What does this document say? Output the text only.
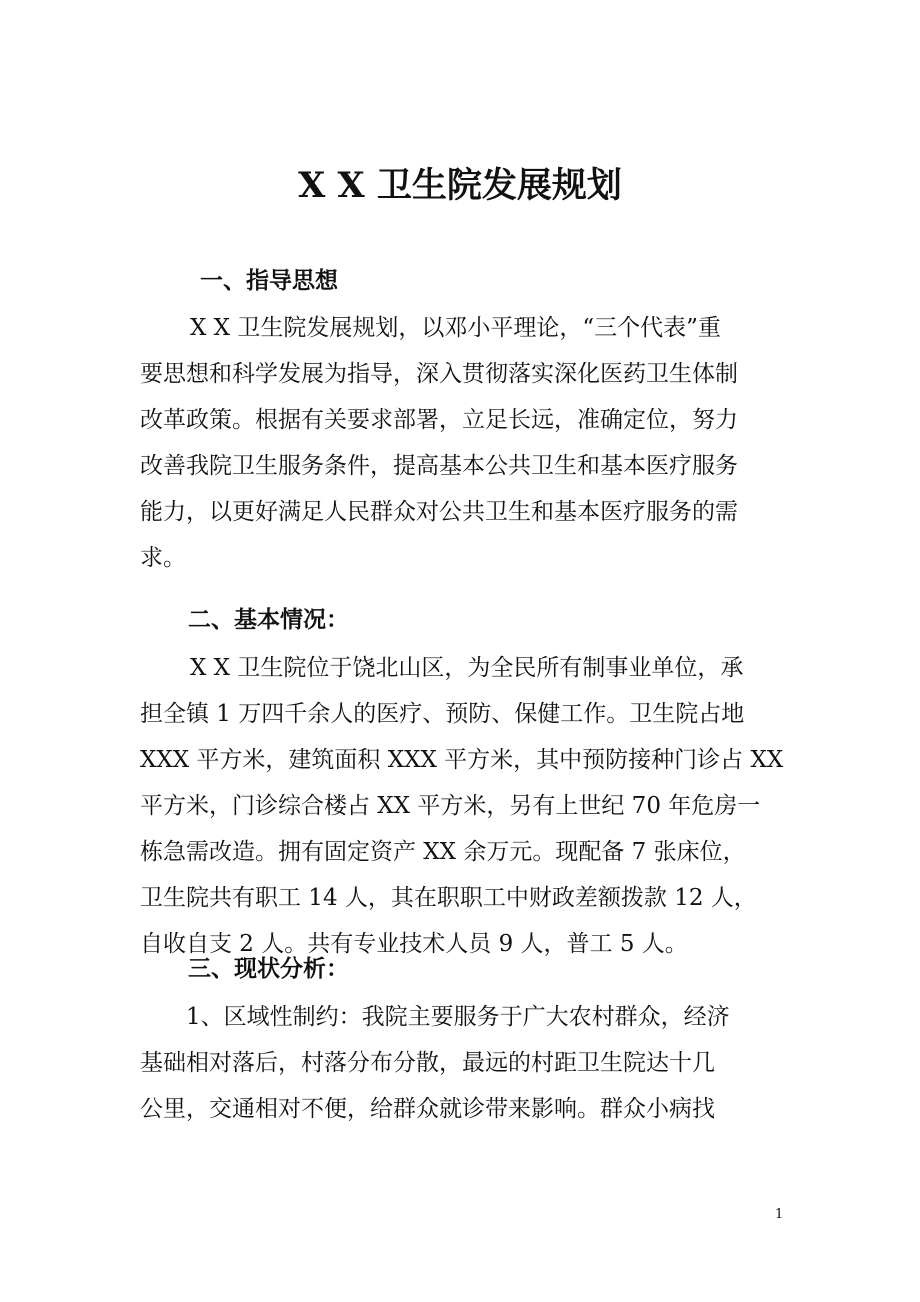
X X 卫生院发展规划
一、指导思想
X X 卫生院发展规划，以邓小平理论，“三个代表”重
要思想和科学发展为指导，深入贯彻落实深化医药卫生体制
改革政策。根据有关要求部署，立足长远，准确定位，努力
改善我院卫生服务条件，提高基本公共卫生和基本医疗服务
能力，以更好满足人民群众对公共卫生和基本医疗服务的需
求。
二、基本情况：
X X 卫生院位于饶北山区，为全民所有制事业单位，承
担全镇 1 万四千余人的医疗、预防、保健工作。卫生院占地
XXX 平方米，建筑面积 XXX 平方米，其中预防接种门诊占 XX
平方米，门诊综合楼占 XX 平方米，另有上世纪 70 年危房一
栋急需改造。拥有固定资产 XX 余万元。现配备 7 张床位，
卫生院共有职工 14 人，其在职职工中财政差额拨款 12 人，
自收自支 2 人。共有专业技术人员 9 人，普工 5 人。
三、现状分析：
1、区域性制约：我院主要服务于广大农村群众，经济
基础相对落后，村落分布分散，最远的村距卫生院达十几
公里，交通相对不便，给群众就诊带来影响。群众小病找
1
